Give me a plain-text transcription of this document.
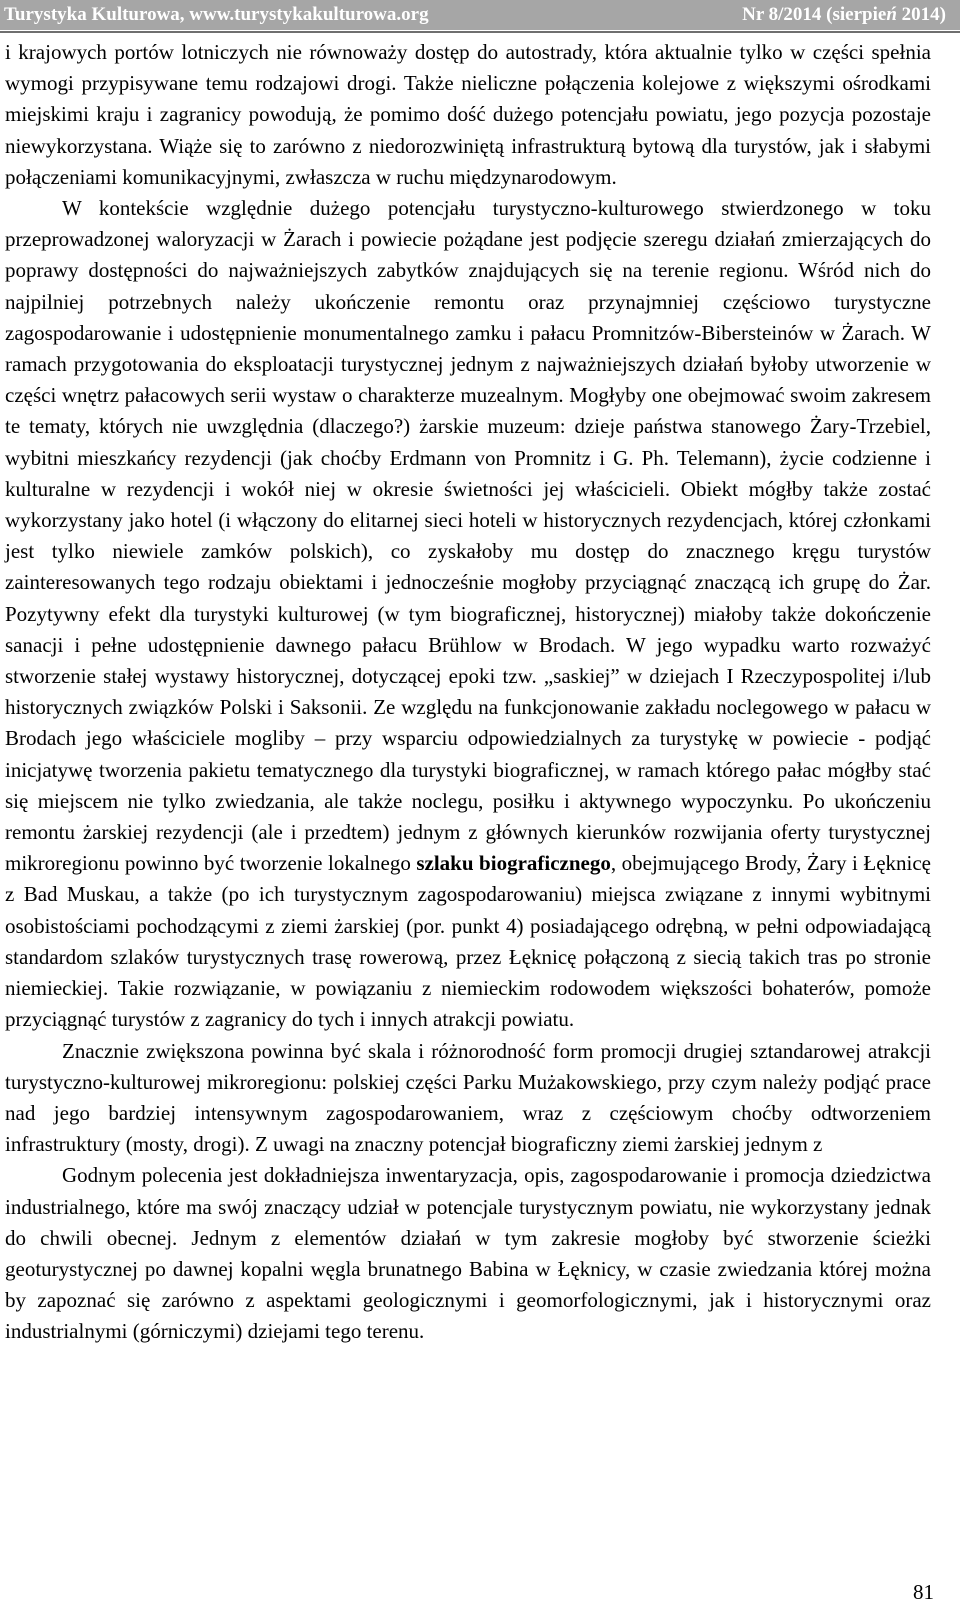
Turystyka Kulturowa, www.turystykakulturowa.org	Nr 8/2014 (sierpień 2014)

i krajowych portów lotniczych nie równoważy dostęp do autostrady, która aktualnie tylko w części spełnia wymogi przypisywane temu rodzajowi drogi. Także nieliczne połączenia kolejowe z większymi ośrodkami miejskimi kraju i zagranicy powodują, że pomimo dość dużego potencjału powiatu, jego pozycja pozostaje niewykorzystana. Wiąże się to zarówno z niedorozwiniętą infrastrukturą bytową dla turystów, jak i słabymi połączeniami komunikacyjnymi, zwłaszcza w ruchu międzynarodowym.

W kontekście względnie dużego potencjału turystyczno-kulturowego stwierdzonego w toku przeprowadzonej waloryzacji w Żarach i powiecie pożądane jest podjęcie szeregu działań zmierzających do poprawy dostępności do najważniejszych zabytków znajdujących się na terenie regionu. Wśród nich do najpilniej potrzebnych należy ukończenie remontu oraz przynajmniej częściowo turystyczne zagospodarowanie i udostępnienie monumentalnego zamku i pałacu Promnitzów-Bibersteinów w Żarach. W ramach przygotowania do eksploatacji turystycznej jednym z najważniejszych działań byłoby utworzenie w części wnętrz pałacowych serii wystaw o charakterze muzealnym. Mogłyby one obejmować swoim zakresem te tematy, których nie uwzględnia (dlaczego?) żarskie muzeum: dzieje państwa stanowego Żary-Trzebiel, wybitni mieszkańcy rezydencji (jak choćby Erdmann von Promnitz i G. Ph. Telemann), życie codzienne i kulturalne w rezydencji i wokół niej w okresie świetności jej właścicieli. Obiekt mógłby także zostać wykorzystany jako hotel (i włączony do elitarnej sieci hoteli w historycznych rezydencjach, której członkami jest tylko niewiele zamków polskich), co zyskałoby mu dostęp do znacznego kręgu turystów zainteresowanych tego rodzaju obiektami i jednocześnie mogłoby przyciągnąć znaczącą ich grupę do Żar. Pozytywny efekt dla turystyki kulturowej (w tym biograficznej, historycznej) miałoby także dokończenie sanacji i pełne udostępnienie dawnego pałacu Brühlow w Brodach. W jego wypadku warto rozważyć stworzenie stałej wystawy historycznej, dotyczącej epoki tzw. „saskiej” w dziejach I Rzeczypospolitej i/lub historycznych związków Polski i Saksonii. Ze względu na funkcjonowanie zakładu noclegowego w pałacu w Brodach jego właściciele mogliby – przy wsparciu odpowiedzialnych za turystykę w powiecie - podjąć inicjatywę tworzenia pakietu tematycznego dla turystyki biograficznej, w ramach którego pałac mógłby stać się miejscem nie tylko zwiedzania, ale także noclegu, posiłku i aktywnego wypoczynku. Po ukończeniu remontu żarskiej rezydencji (ale i przedtem) jednym z głównych kierunków rozwijania oferty turystycznej mikroregionu powinno być tworzenie lokalnego szlaku biograficznego, obejmującego Brody, Żary i Łęknicę z Bad Muskau, a także (po ich turystycznym zagospodarowaniu) miejsca związane z innymi wybitnymi osobistościami pochodzącymi z ziemi żarskiej (por. punkt 4) posiadającego odrębną, w pełni odpowiadającą standardom szlaków turystycznych trasę rowerową, przez Łęknicę połączoną z siecią takich tras po stronie niemieckiej. Takie rozwiązanie, w powiązaniu z niemieckim rodowodem większości bohaterów, pomoże przyciągnąć turystów z zagranicy do tych i innych atrakcji powiatu.

Znacznie zwiększona powinna być skala i różnorodność form promocji drugiej sztandarowej atrakcji turystyczno-kulturowej mikroregionu: polskiej części Parku Mużakowskiego, przy czym należy podjąć prace nad jego bardziej intensywnym zagospodarowaniem, wraz z częściowym choćby odtworzeniem infrastruktury (mosty, drogi). Z uwagi na znaczny potencjał biograficzny ziemi żarskiej jednym z

Godnym polecenia jest dokładniejsza inwentaryzacja, opis, zagospodarowanie i promocja dziedzictwa industrialnego, które ma swój znaczący udział w potencjale turystycznym powiatu, nie wykorzystany jednak do chwili obecnej. Jednym z elementów działań w tym zakresie mogłoby być stworzenie ścieżki geoturystycznej po dawnej kopalni węgla brunatnego Babina w Łęknicy, w czasie zwiedzania której można by zapoznać się zarówno z aspektami geologicznymi i geomorfologicznymi, jak i historycznymi oraz industrialnymi (górniczymi) dziejami tego terenu.

81
